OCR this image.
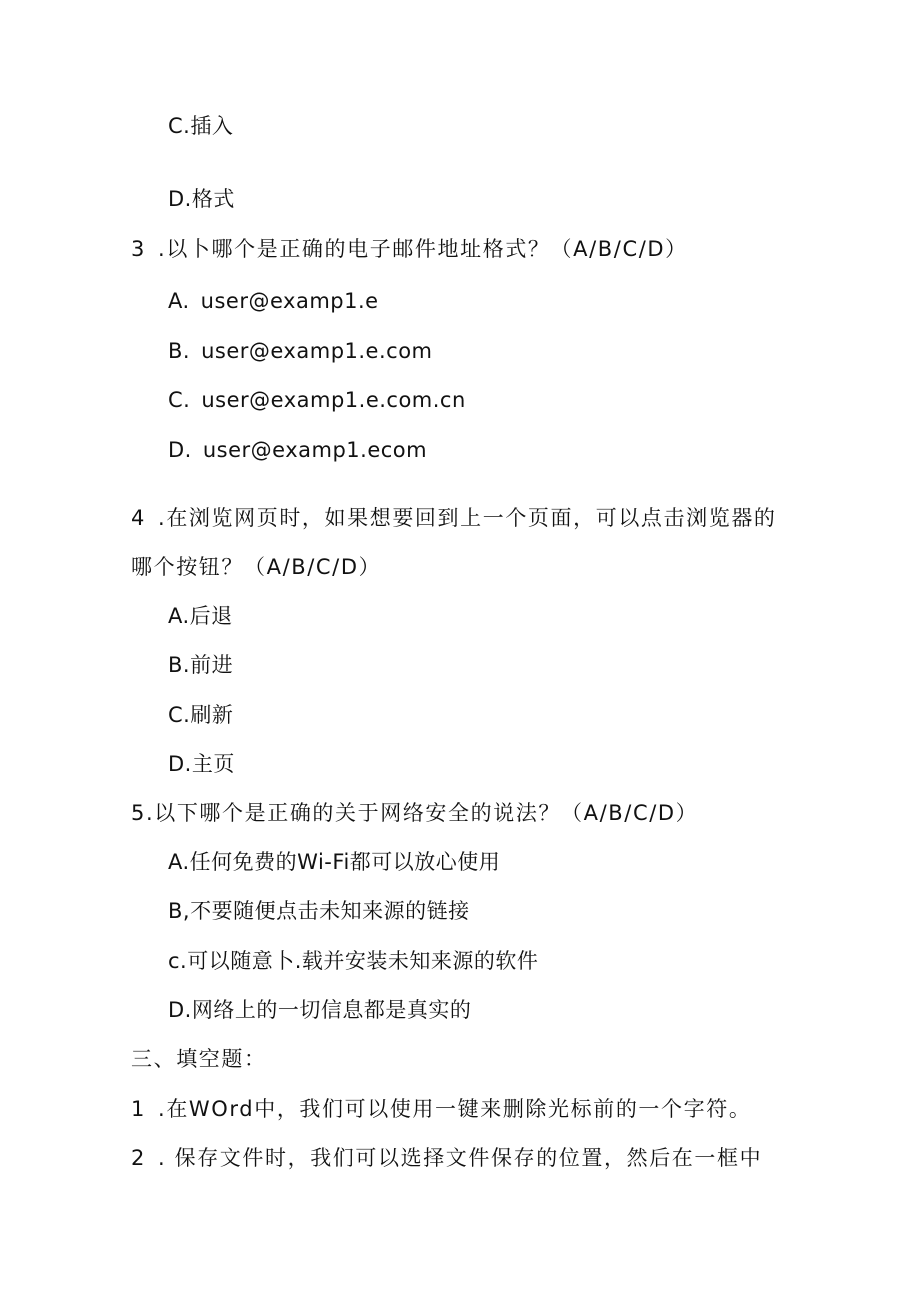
C.插入
D.格式
3 .以卜哪个是正确的电子邮件地址格式？（A/B/C/D）
A. user@examp1.e
B. user@examp1.e.com
C. user@examp1.e.com.cn
D. user@examp1.ecom
4 .在浏览网页时，如果想要回到上一个页面，可以点击浏览器的
哪个按钮？（A/B/C/D）
A.后退
B.前进
C.刷新
D.主页
5.以下哪个是正确的关于网络安全的说法？（A/B/C/D）
A.任何免费的Wi-Fi都可以放心使用
B,不要随便点击未知来源的链接
c.可以随意卜.载并安装未知来源的软件
D.网络上的一切信息都是真实的
三、填空题：
1 .在WOrd中，我们可以使用一键来删除光标前的一个字符。
2 . 保存文件时，我们可以选择文件保存的位置，然后在一框中
